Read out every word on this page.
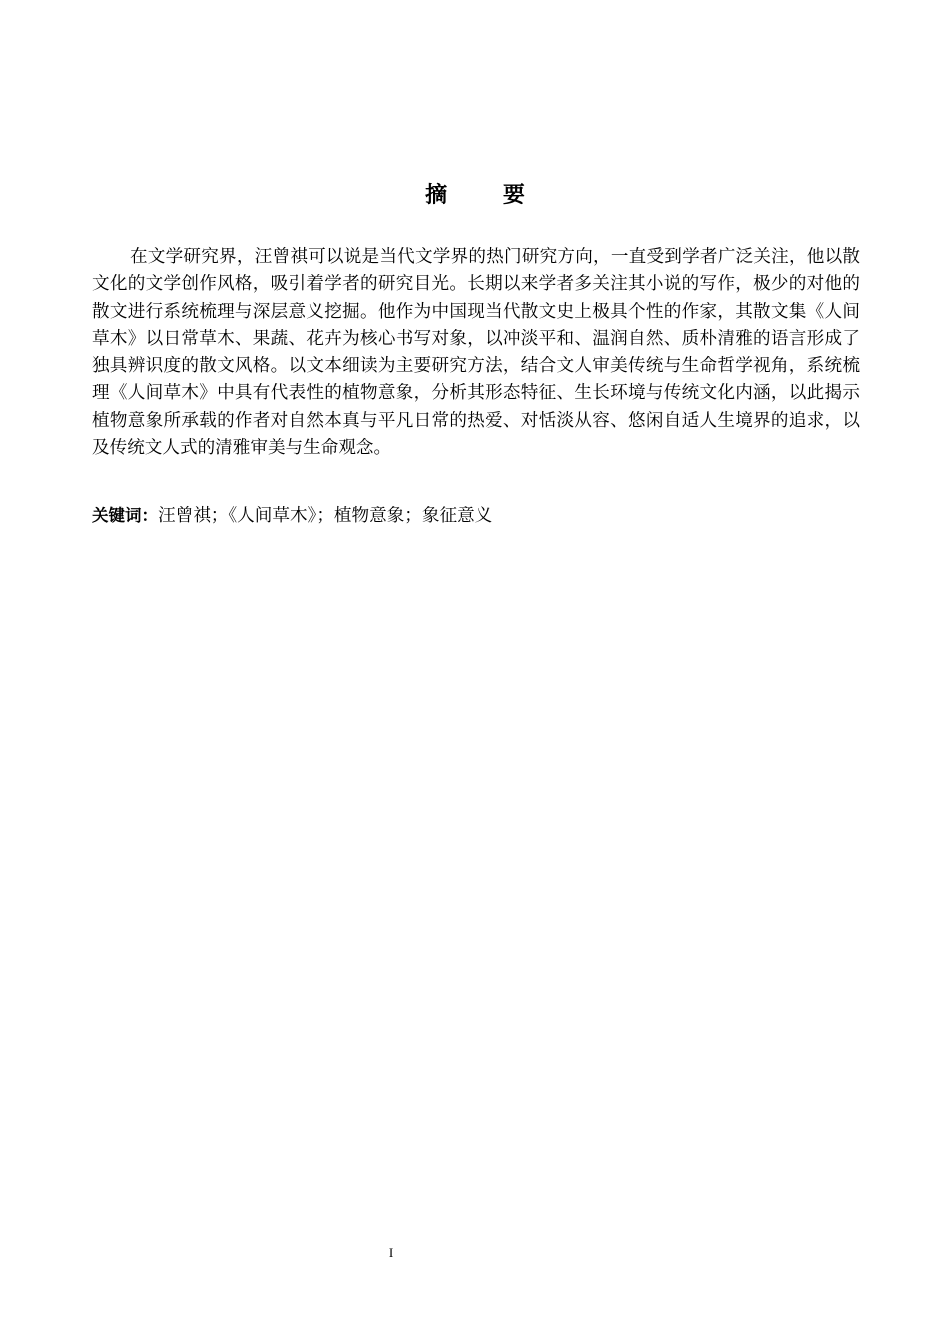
摘 要

在文学研究界，汪曾祺可以说是当代文学界的热门研究方向，一直受到学者广泛关注，他以散文化的文学创作风格，吸引着学者的研究目光。长期以来学者多关注其小说的写作，极少的对他的散文进行系统梳理与深层意义挖掘。他作为中国现当代散文史上极具个性的作家，其散文集《人间草木》以日常草木、果蔬、花卉为核心书写对象，以冲淡平和、温润自然、质朴清雅的语言形成了独具辨识度的散文风格。以文本细读为主要研究方法，结合文人审美传统与生命哲学视角，系统梳理《人间草木》中具有代表性的植物意象，分析其形态特征、生长环境与传统文化内涵，以此揭示植物意象所承载的作者对自然本真与平凡日常的热爱、对恬淡从容、悠闲自适人生境界的追求，以及传统文人式的清雅审美与生命观念。

关键词：汪曾祺；《人间草木》；植物意象；象征意义
I
